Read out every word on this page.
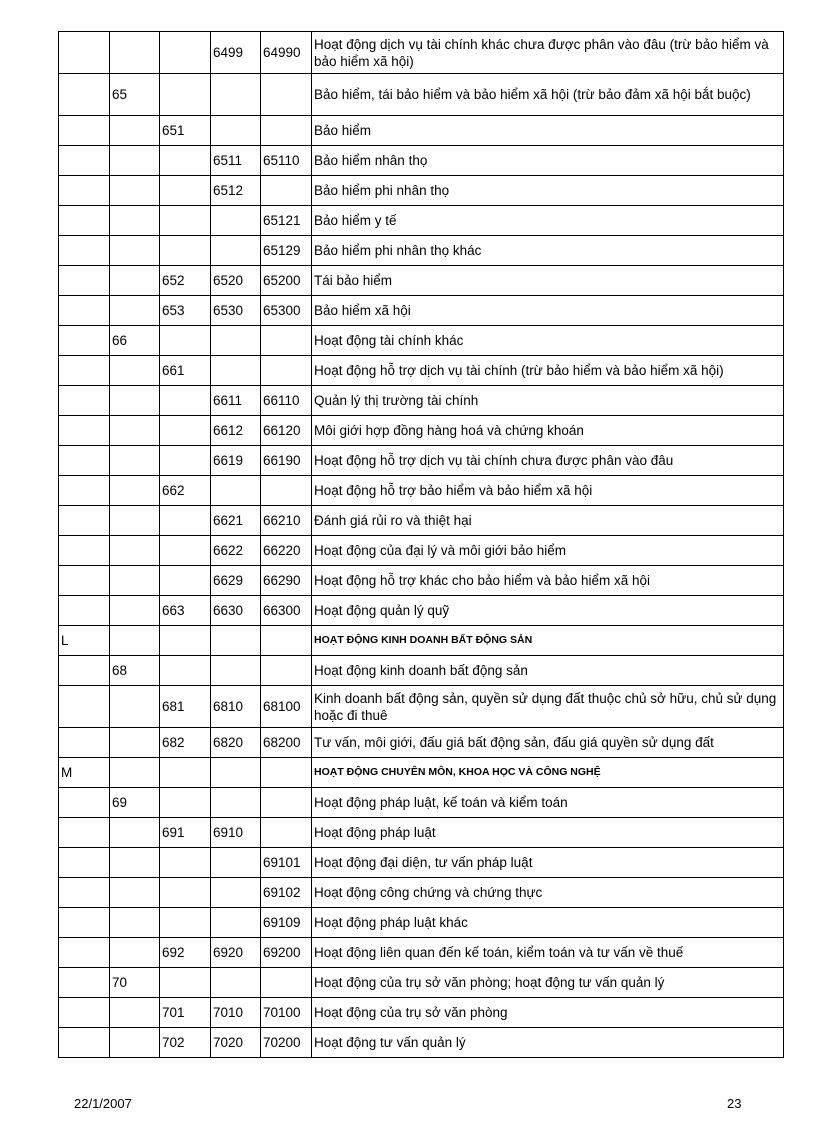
			6499	64990	Hoạt động dịch vụ tài chính khác chưa được phân vào đâu (trừ bảo hiểm và bảo hiểm xã hội)
	65				Bảo hiểm, tái bảo hiểm và bảo hiểm xã hội (trừ bảo đảm xã hội bắt buộc)
		651			Bảo hiểm
			6511	65110	Bảo hiểm nhân thọ
			6512		Bảo hiểm phi nhân thọ
				65121	Bảo hiểm y tế
				65129	Bảo hiểm phi nhân thọ khác
		652	6520	65200	Tái bảo hiểm
		653	6530	65300	Bảo hiểm xã hội
	66				Hoạt động tài chính khác
		661			Hoạt động hỗ trợ dịch vụ tài chính (trừ bảo hiểm và bảo hiểm xã hội)
			6611	66110	Quản lý thị trường tài chính
			6612	66120	Môi giới hợp đồng hàng hoá và chứng khoán
			6619	66190	Hoạt động hỗ trợ dịch vụ tài chính chưa được phân vào đâu
		662			Hoạt động hỗ trợ bảo hiểm và bảo hiểm xã hội
			6621	66210	Đánh giá rủi ro và thiệt hại
			6622	66220	Hoạt động của đại lý và môi giới bảo hiểm
			6629	66290	Hoạt động hỗ trợ khác cho bảo hiểm và bảo hiểm xã hội
		663	6630	66300	Hoạt động quản lý quỹ
L					HOẠT ĐỘNG KINH DOANH BẤT ĐỘNG SẢN
	68				Hoạt động kinh doanh bất động sản
		681	6810	68100	Kinh doanh bất động sản, quyền sử dụng đất thuộc chủ sở hữu, chủ sử dụng hoặc đi thuê
		682	6820	68200	Tư vấn, môi giới, đấu giá bất động sản, đấu giá quyền sử dụng đất
M					HOẠT ĐỘNG CHUYÊN MÔN, KHOA HỌC VÀ CÔNG NGHỆ
	69				Hoạt động pháp luật, kế toán và kiểm toán
		691	6910		Hoạt động pháp luật
				69101	Hoạt động đại diện, tư vấn pháp luật
				69102	Hoạt động công chứng và chứng thực
				69109	Hoạt động pháp luật khác
		692	6920	69200	Hoạt động liên quan đến kế toán, kiểm toán và tư vấn về thuế
	70				Hoạt động của trụ sở văn phòng; hoạt động tư vấn quản lý
		701	7010	70100	Hoạt động của trụ sở văn phòng
		702	7020	70200	Hoạt động tư vấn quản lý
22/1/2007	23
